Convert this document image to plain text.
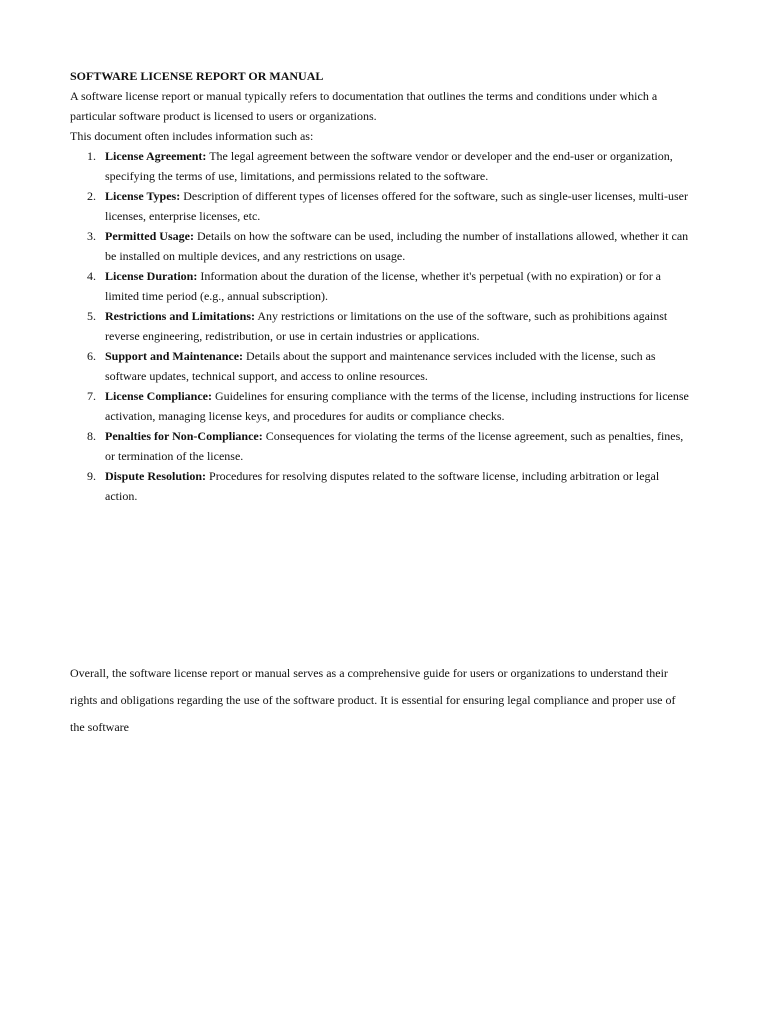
SOFTWARE LICENSE REPORT OR MANUAL

A software license report or manual typically refers to documentation that outlines the terms and conditions under which a particular software product is licensed to users or organizations.

This document often includes information such as:

1. License Agreement: The legal agreement between the software vendor or developer and the end-user or organization, specifying the terms of use, limitations, and permissions related to the software.
2. License Types: Description of different types of licenses offered for the software, such as single-user licenses, multi-user licenses, enterprise licenses, etc.
3. Permitted Usage: Details on how the software can be used, including the number of installations allowed, whether it can be installed on multiple devices, and any restrictions on usage.
4. License Duration: Information about the duration of the license, whether it's perpetual (with no expiration) or for a limited time period (e.g., annual subscription).
5. Restrictions and Limitations: Any restrictions or limitations on the use of the software, such as prohibitions against reverse engineering, redistribution, or use in certain industries or applications.
6. Support and Maintenance: Details about the support and maintenance services included with the license, such as software updates, technical support, and access to online resources.
7. License Compliance: Guidelines for ensuring compliance with the terms of the license, including instructions for license activation, managing license keys, and procedures for audits or compliance checks.
8. Penalties for Non-Compliance: Consequences for violating the terms of the license agreement, such as penalties, fines, or termination of the license.
9. Dispute Resolution: Procedures for resolving disputes related to the software license, including arbitration or legal action.

Overall, the software license report or manual serves as a comprehensive guide for users or organizations to understand their rights and obligations regarding the use of the software product. It is essential for ensuring legal compliance and proper use of the software
